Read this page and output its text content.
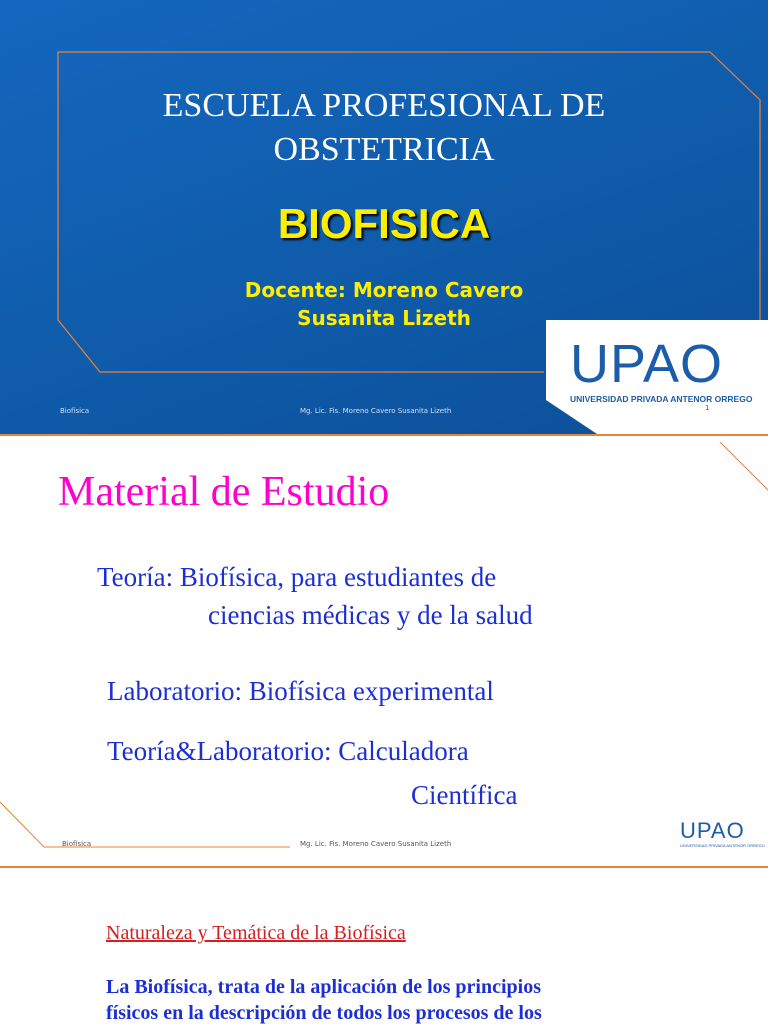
ESCUELA PROFESIONAL DE
OBSTETRICIA
BIOFISICA
Docente: Moreno Cavero
Susanita Lizeth
UPAO
UNIVERSIDAD PRIVADA ANTENOR ORREGO
Biofísica	Mg. Lic. Fis. Moreno Cavero Susanita Lizeth	1
Material de Estudio
Teoría: Biofísica, para estudiantes de
ciencias médicas y de la salud
Laboratorio: Biofísica experimental
Teoría&Laboratorio: Calculadora
Científica
UPAO
UNIVERSIDAD PRIVADA ANTENOR ORREGO
Biofísica	Mg. Lic. Fis. Moreno Cavero Susanita Lizeth
Naturaleza y Temática de la Biofísica
La Biofísica, trata de la aplicación de los principios
físicos en la descripción de todos los procesos de los
